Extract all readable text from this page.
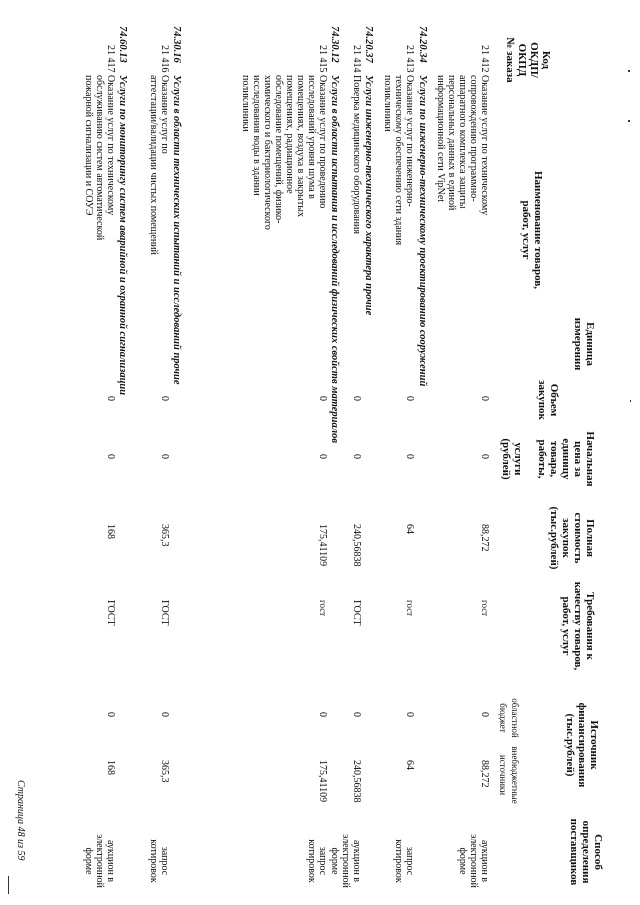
Код
ОКДП/
ОКПД
№ заказа
Наименование товаров,
работ, услуг
Единица
измерения
Объем
закупок
Начальная
цена за
единицу
товара,
работы,
услуги
(рублей)
Полная
стоимость
закупок
(тыс.рублей)
Требования к
качеству товаров,
работ, услуг
Источник
финансирования
(тыс.рублей)
областной
бюджет
внебюджетные
источники
Способ
определения
поставщиков
21 412
Оказание услуг по техническому
сопровождению программно-
аппаратного комплекса защиты
персональных данных в единой
информационной сети VipNet
0
0
88,272
гост
0
88,272
аукцион в
электронной
форме
74.20.34
Услуги по инженерно-техническому проектированию сооружений
21 413
Оказание услуг по инженерно-
техническому обеспечению сети здания
поликлиники
0
0
64
гост
0
64
запрос
котировок
74.20.37
Услуги инженерно-технического характера прочие
21 414
Поверка медицинского оборудования
0
0
240,56838
ГОСТ
0
240,56838
аукцион в
электронной
форме
74.30.12
Услуги в области испытания и исследований физических свойств материалов
21 415
Оказание услуг по проведению
исследований уровня шума в
помещениях, воздуха в закрытых
помещениях, радиационное
обследование помещений, физико-
химического и бактериологического
исследования воды в здании
поликлиники
0
0
175,41109
гост
0
175,41109
запрос
котировок
74.30.16
Услуги в области технических испытаний и исследований прочие
21 416
Оказание услуг по
аттестации/валидации чистых помещений
0
0
365,3
ГОСТ
0
365,3
запрос
котировок
74.60.13
Услуги по мониторингу систем аварийной и охранной сигнализации
21 417
Оказание услуг по техническому
обслуживанию систем автоматической
пожарной сигнализации и СОУЭ
0
0
168
ГОСТ
0
168
аукцион в
электронной
форме
Страница 48 из 59
